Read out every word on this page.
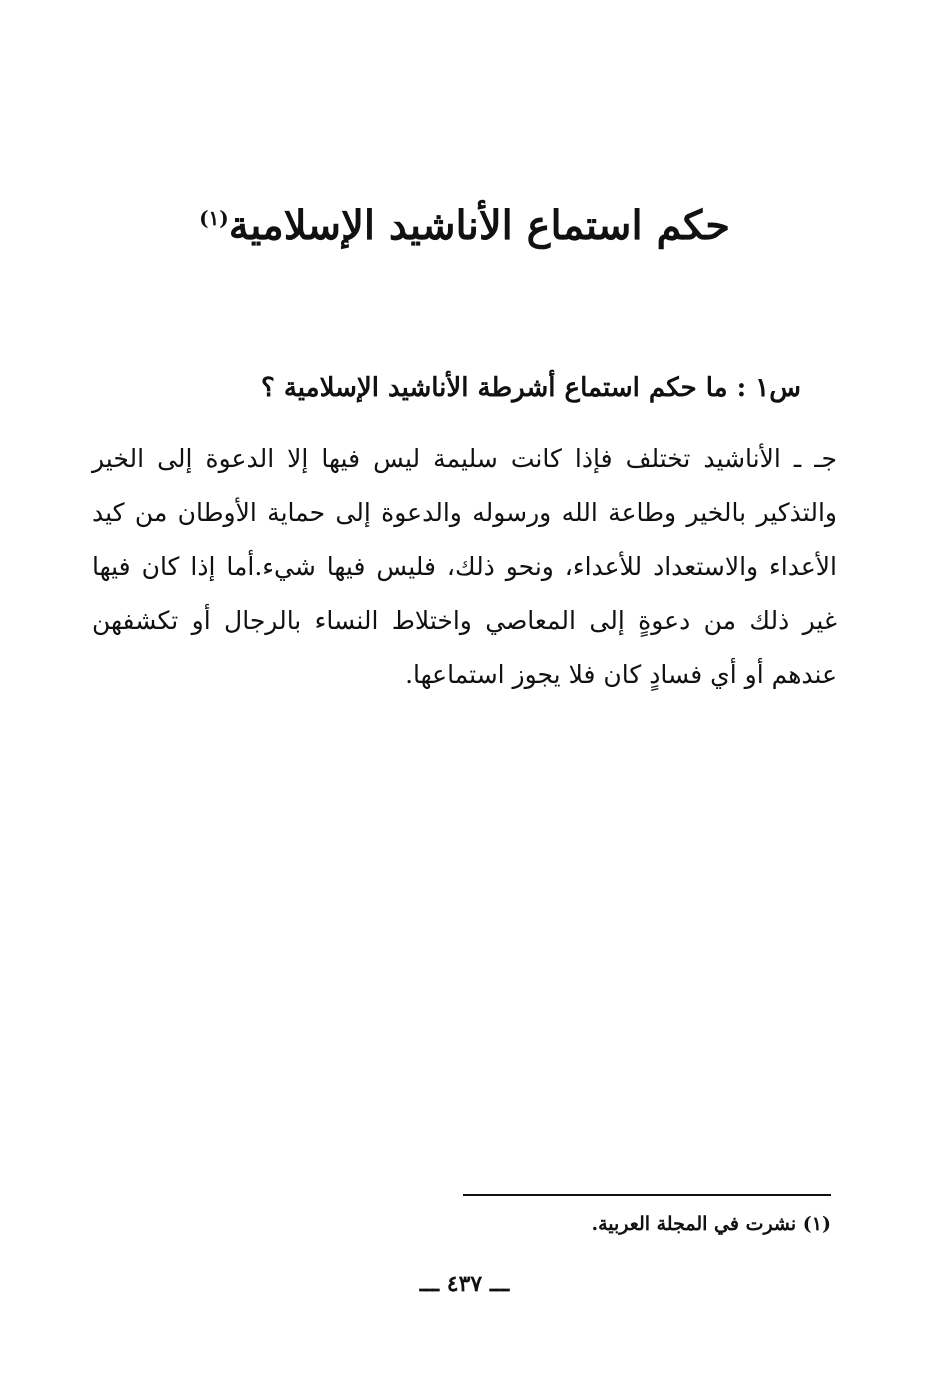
حكم استماع الأناشيد الإسلامية$^{(١)}$
س١ : ما حكم استماع أشرطة الأناشيد الإسلامية ؟

جـ ـ الأناشيد تختلف فإذا كانت سليمة ليس فيها إلا الدعوة إلى الخير والتذكير بالخير وطاعة الله ورسوله والدعوة إلى حماية الأوطان من كيد الأعداء والاستعداد للأعداء، ونحو ذلك، فليس فيها شيء.أما إذا كان فيها غير ذلك من دعوةٍ إلى المعاصي واختلاط النساء بالرجال أو تكشفهن عندهم أو أي فسادٍ كان فلا يجوز استماعها.

(١) نشرت في المجلة العربية.
ـــ ٤٣٧ ـــ
